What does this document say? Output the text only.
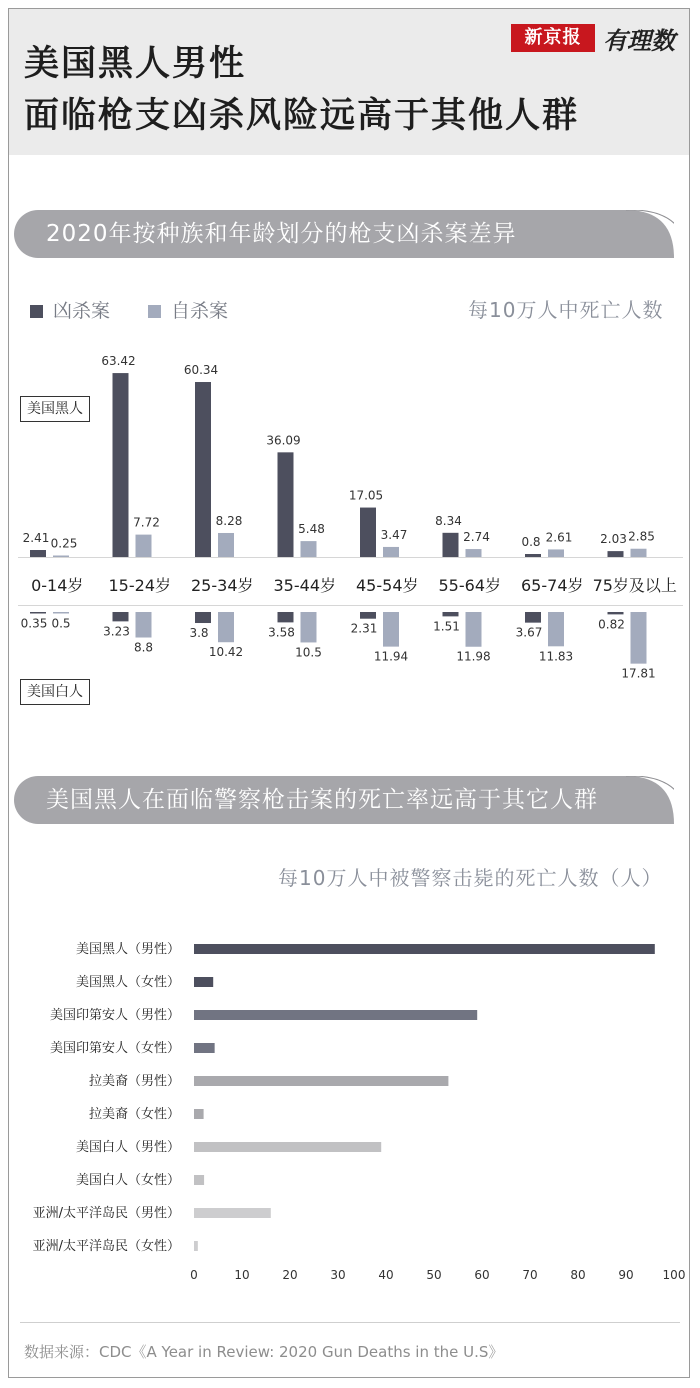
美国黑人男性
面临枪支凶杀风险远高于其他人群
新京报 有理数
2020年按种族和年龄划分的枪支凶杀案差异
凶杀案	自杀案	每10万人中死亡人数
0-14岁
2.41 0.25
0.35 0.5
15-24岁
63.42
7.72
3.23
8.8
25-34岁
60.34
8.28
3.8
10.42
35-44岁
36.09
5.48
3.58
10.5
45-54岁
17.05
3.47
2.31
11.94
55-64岁
8.34
2.74
1.51
11.98
65-74岁
0.8 2.61
3.67
11.83
75岁及以上
2.03 2.85
0.82
17.81
美国黑人
美国白人
美国黑人在面临警察枪击案的死亡率远高于其它人群
每10万人中被警察击毙的死亡人数（人）
美国黑人（男性）
美国黑人（女性）
美国印第安人（男性）
美国印第安人（女性）
拉美裔（男性）
拉美裔（女性）
美国白人（男性）
美国白人（女性）
亚洲/太平洋岛民（男性）
亚洲/太平洋岛民（女性）
0	10	20	30	40	50	60	70	80	90 100
数据来源：CDC《A Year in Review: 2020 Gun Deaths in the U.S》
